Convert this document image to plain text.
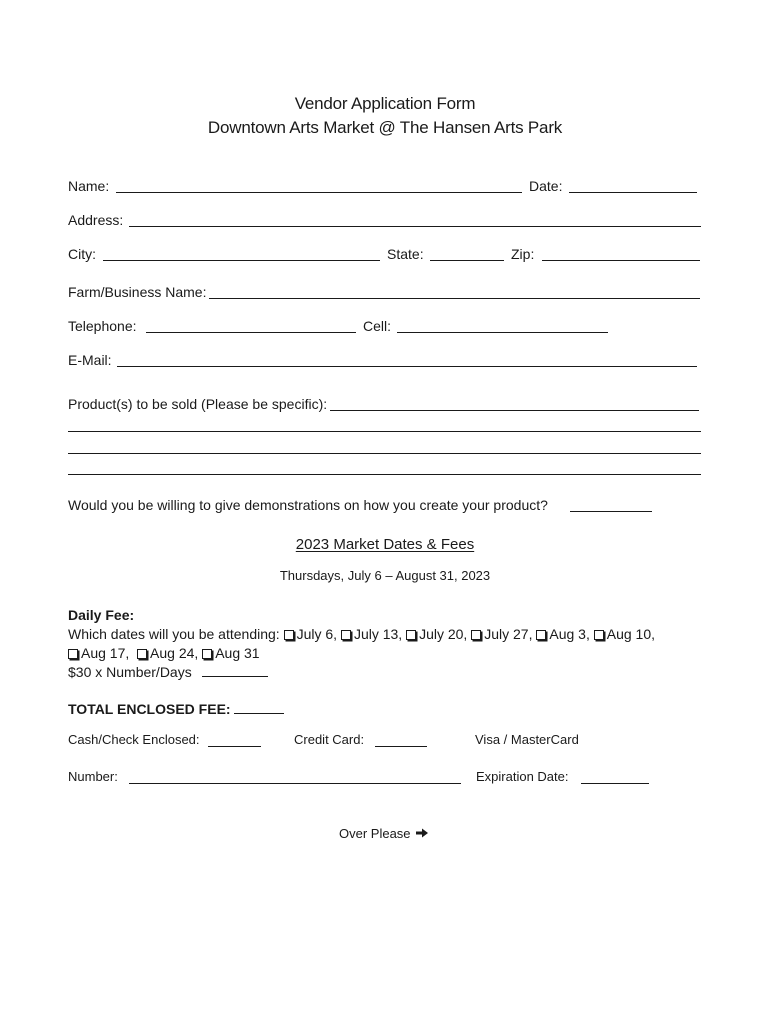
Vendor Application Form
Downtown Arts Market @ The Hansen Arts Park
Name:	Date:
Address:
City:	State:	Zip:
Farm/Business Name:
Telephone:	Cell:
E-Mail:
Product(s) to be sold (Please be specific):
Would you be willing to give demonstrations on how you create your product?
2023 Market Dates & Fees
Thursdays, July 6 – August 31, 2023
Daily Fee:
Which dates will you be attending: July 6, July 13, July 20, July 27, Aug 3, Aug 10,
Aug 17, Aug 24, Aug 31
$30 x Number/Days
TOTAL ENCLOSED FEE:
Cash/Check Enclosed:	Credit Card:	Visa / MasterCard
Number:	Expiration Date:
Over Please
